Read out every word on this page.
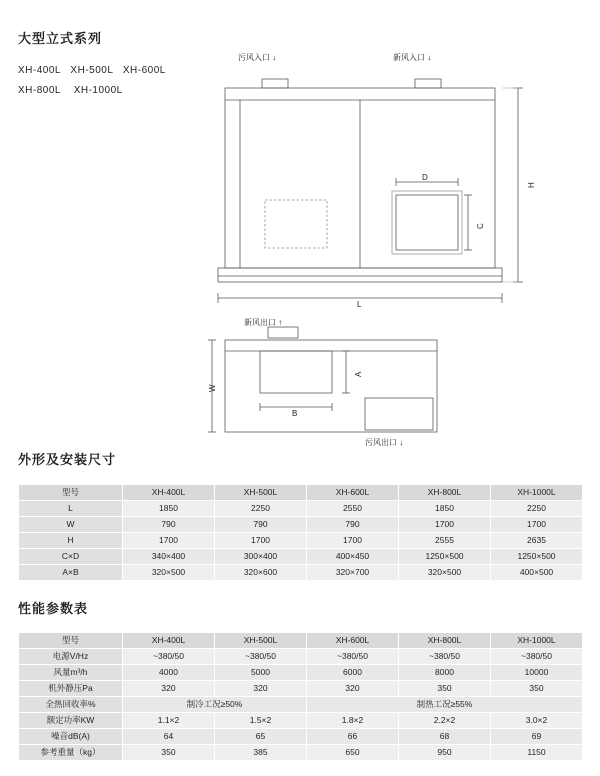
大型立式系列
XH-400L   XH-500L   XH-600L
XH-800L    XH-1000L
污风入口 ↓	新风入口 ↓
H
L
D
C
新风出口 ↑
W
A
B
污风出口 ↓
外形及安装尺寸
型号	XH-400L	XH-500L	XH-600L	XH-800L	XH-1000L
L	1850	2250	2550	1850	2250
W	790	790	790	1700	1700
H	1700	1700	1700	2555	2635
C×D	340×400	300×400	400×450	1250×500	1250×500
A×B	320×500	320×600	320×700	320×500	400×500
性能参数表
型号	XH-400L	XH-500L	XH-600L	XH-800L	XH-1000L
电源V/Hz	~380/50	~380/50	~380/50	~380/50	~380/50
风量m³/h	4000	5000	6000	8000	10000
机外静压Pa	320	320	320	350	350
全热回收率%	制冷工况≥50%		制热工况≥55%		
额定功率KW	1.1×2	1.5×2	1.8×2	2.2×2	3.0×2
噪音dB(A)	64	65	66	68	69
参考重量（kg）	350	385	650	950	1150
